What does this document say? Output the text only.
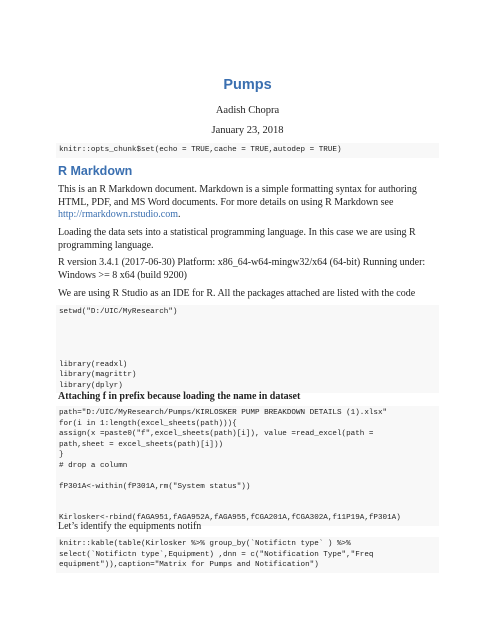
Pumps
Aadish Chopra
January 23, 2018
knitr::opts_chunk$set(echo = TRUE,cache = TRUE,autodep = TRUE)
R Markdown
This is an R Markdown document. Markdown is a simple formatting syntax for authoring HTML, PDF, and MS Word documents. For more details on using R Markdown see http://rmarkdown.rstudio.com.
Loading the data sets into a statistical programming language. In this case we are using R programming language.
R version 3.4.1 (2017-06-30) Platform: x86_64-w64-mingw32/x64 (64-bit) Running under: Windows >= 8 x64 (build 9200)
We are using R Studio as an IDE for R. All the packages attached are listed with the code
setwd("D:/UIC/MyResearch")

library(readxl)
library(magrittr)
library(dplyr)
Attaching f in prefix because loading the name in dataset
path="D:/UIC/MyResearch/Pumps/KIRLOSKER PUMP BREAKDOWN DETAILS (1).xlsx"
for(i in 1:length(excel_sheets(path))){
assign(x =paste0("f",excel_sheets(path)[i]), value =read_excel(path =
path,sheet = excel_sheets(path)[i]))
}
# drop a column

fP301A<-within(fP301A,rm("System status"))

Kirlosker<-rbind(fAGA951,fAGA952A,fAGA955,fCGA201A,fCGA302A,f11P19A,fP301A)
Let’s identify the equipments notifn
knitr::kable(table(Kirlosker %>% group_by(`Notifictn type` ) %>%
select(`Notifictn type`,Equipment) ,dnn = c("Notification Type","Freq
equipment")),caption="Matrix for Pumps and Notification")
